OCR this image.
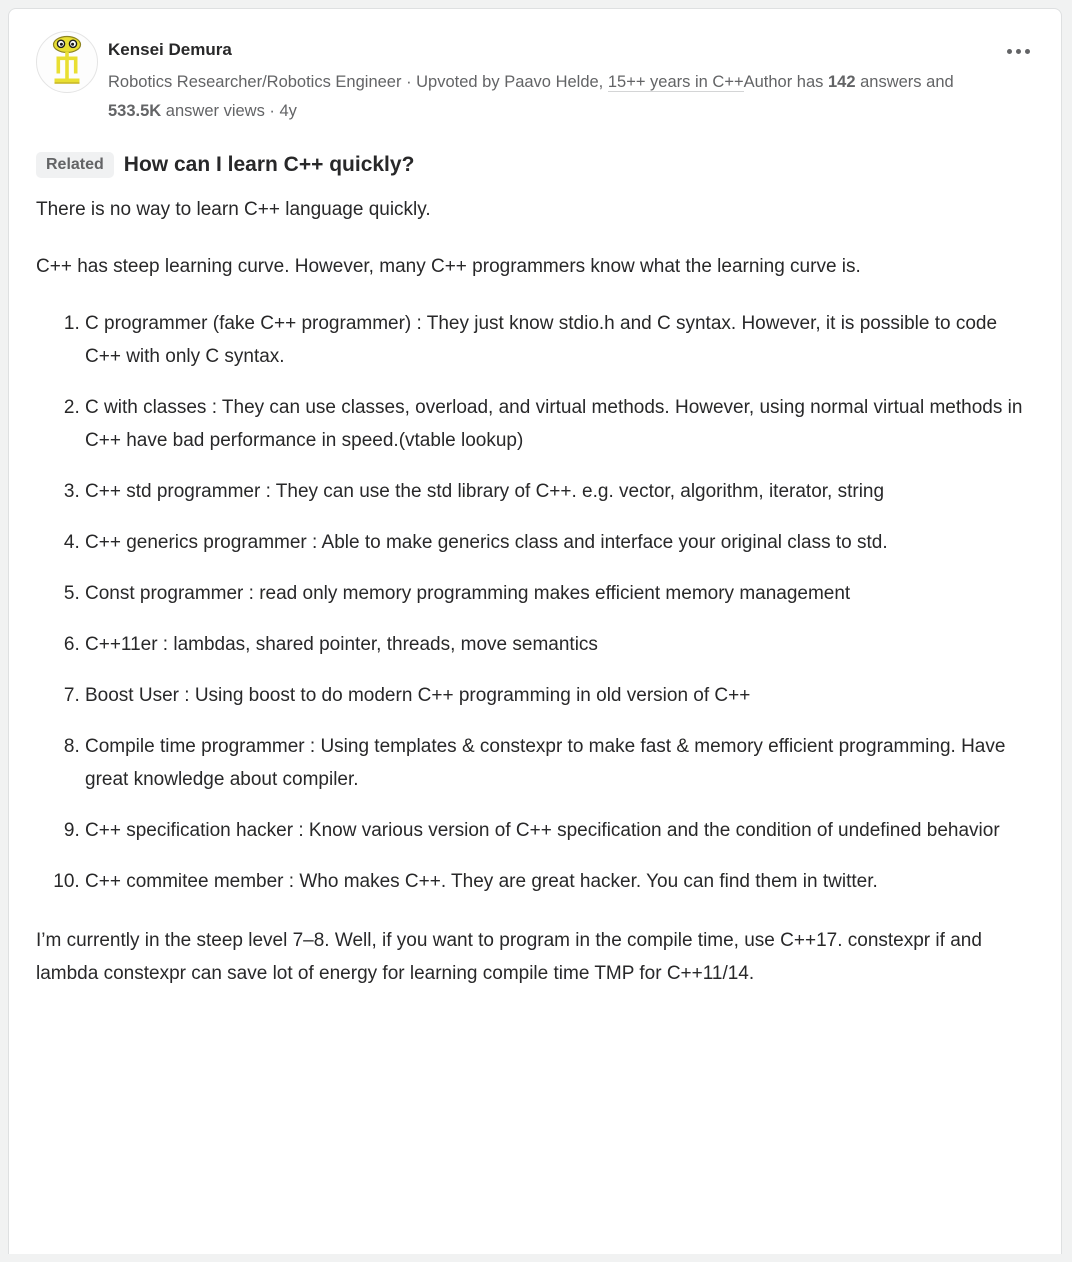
Kensei Demura
Robotics Researcher/Robotics Engineer · Upvoted by Paavo Helde, 15++ years in C++Author has 142 answers and 533.5K answer views · 4y
Related How can I learn C++ quickly?

There is no way to learn C++ language quickly.

C++ has steep learning curve. However, many C++ programmers know what the learning curve is.

1. C programmer (fake C++ programmer) : They just know stdio.h and C syntax. However, it is possible to code C++ with only C syntax.
2. C with classes : They can use classes, overload, and virtual methods. However, using normal virtual methods in C++ have bad performance in speed.(vtable lookup)
3. C++ std programmer : They can use the std library of C++. e.g. vector, algorithm, iterator, string
4. C++ generics programmer : Able to make generics class and interface your original class to std.
5. Const programmer : read only memory programming makes efficient memory management
6. C++11er : lambdas, shared pointer, threads, move semantics
7. Boost User : Using boost to do modern C++ programming in old version of C++
8. Compile time programmer : Using templates & constexpr to make fast & memory efficient programming. Have great knowledge about compiler.
9. C++ specification hacker : Know various version of C++ specification and the condition of undefined behavior
10. C++ commitee member : Who makes C++. They are great hacker. You can find them in twitter.

I’m currently in the steep level 7–8. Well, if you want to program in the compile time, use C++17. constexpr if and lambda constexpr can save lot of energy for learning compile time TMP for C++11/14.
